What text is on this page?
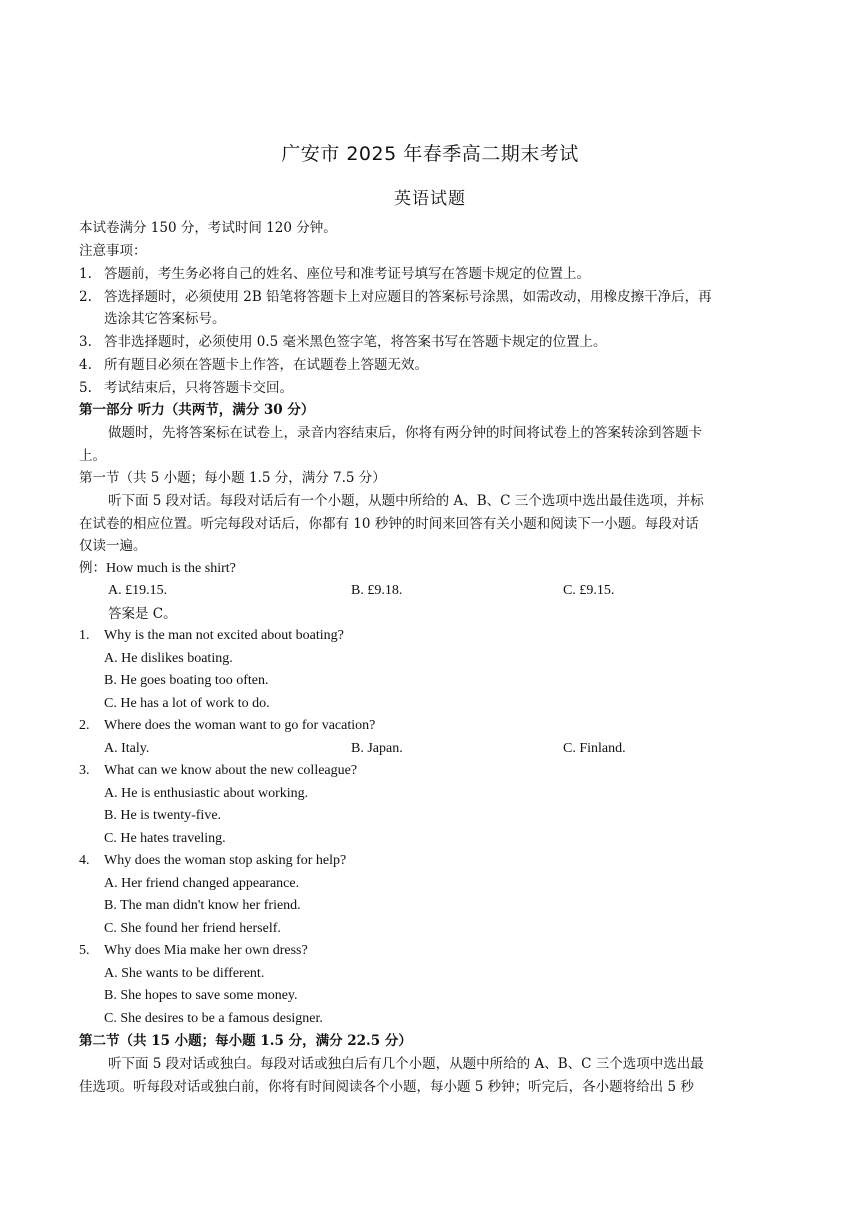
广安市 2025 年春季高二期末考试
英语试题
本试卷满分 150 分，考试时间 120 分钟。
注意事项：
1. 答题前，考生务必将自己的姓名、座位号和准考证号填写在答题卡规定的位置上。
2. 答选择题时，必须使用 2B 铅笔将答题卡上对应题目的答案标号涂黑，如需改动，用橡皮擦干净后，再
选涂其它答案标号。
3. 答非选择题时，必须使用 0.5 毫米黑色签字笔，将答案书写在答题卡规定的位置上。
4. 所有题目必须在答题卡上作答，在试题卷上答题无效。
5. 考试结束后，只将答题卡交回。
第一部分 听力（共两节，满分 30 分）
做题时，先将答案标在试卷上，录音内容结束后，你将有两分钟的时间将试卷上的答案转涂到答题卡
上。
第一节（共 5 小题；每小题 1.5 分，满分 7.5 分）
听下面 5 段对话。每段对话后有一个小题，从题中所给的 A、B、C 三个选项中选出最佳选项，并标
在试卷的相应位置。听完每段对话后，你都有 10 秒钟的时间来回答有关小题和阅读下一小题。每段对话
仅读一遍。
例：How much is the shirt?
A. £19.15.	B. £9.18.	C. £9.15.
答案是 C。
1. Why is the man not excited about boating?
A. He dislikes boating.
B. He goes boating too often.
C. He has a lot of work to do.
2. Where does the woman want to go for vacation?
A. Italy.	B. Japan.	C. Finland.
3. What can we know about the new colleague?
A. He is enthusiastic about working.
B. He is twenty-five.
C. He hates traveling.
4. Why does the woman stop asking for help?
A. Her friend changed appearance.
B. The man didn't know her friend.
C. She found her friend herself.
5. Why does Mia make her own dress?
A. She wants to be different.
B. She hopes to save some money.
C. She desires to be a famous designer.
第二节（共 15 小题；每小题 1.5 分，满分 22.5 分）
听下面 5 段对话或独白。每段对话或独白后有几个小题，从题中所给的 A、B、C 三个选项中选出最
佳选项。听每段对话或独白前，你将有时间阅读各个小题，每小题 5 秒钟；听完后，各小题将给出 5 秒
